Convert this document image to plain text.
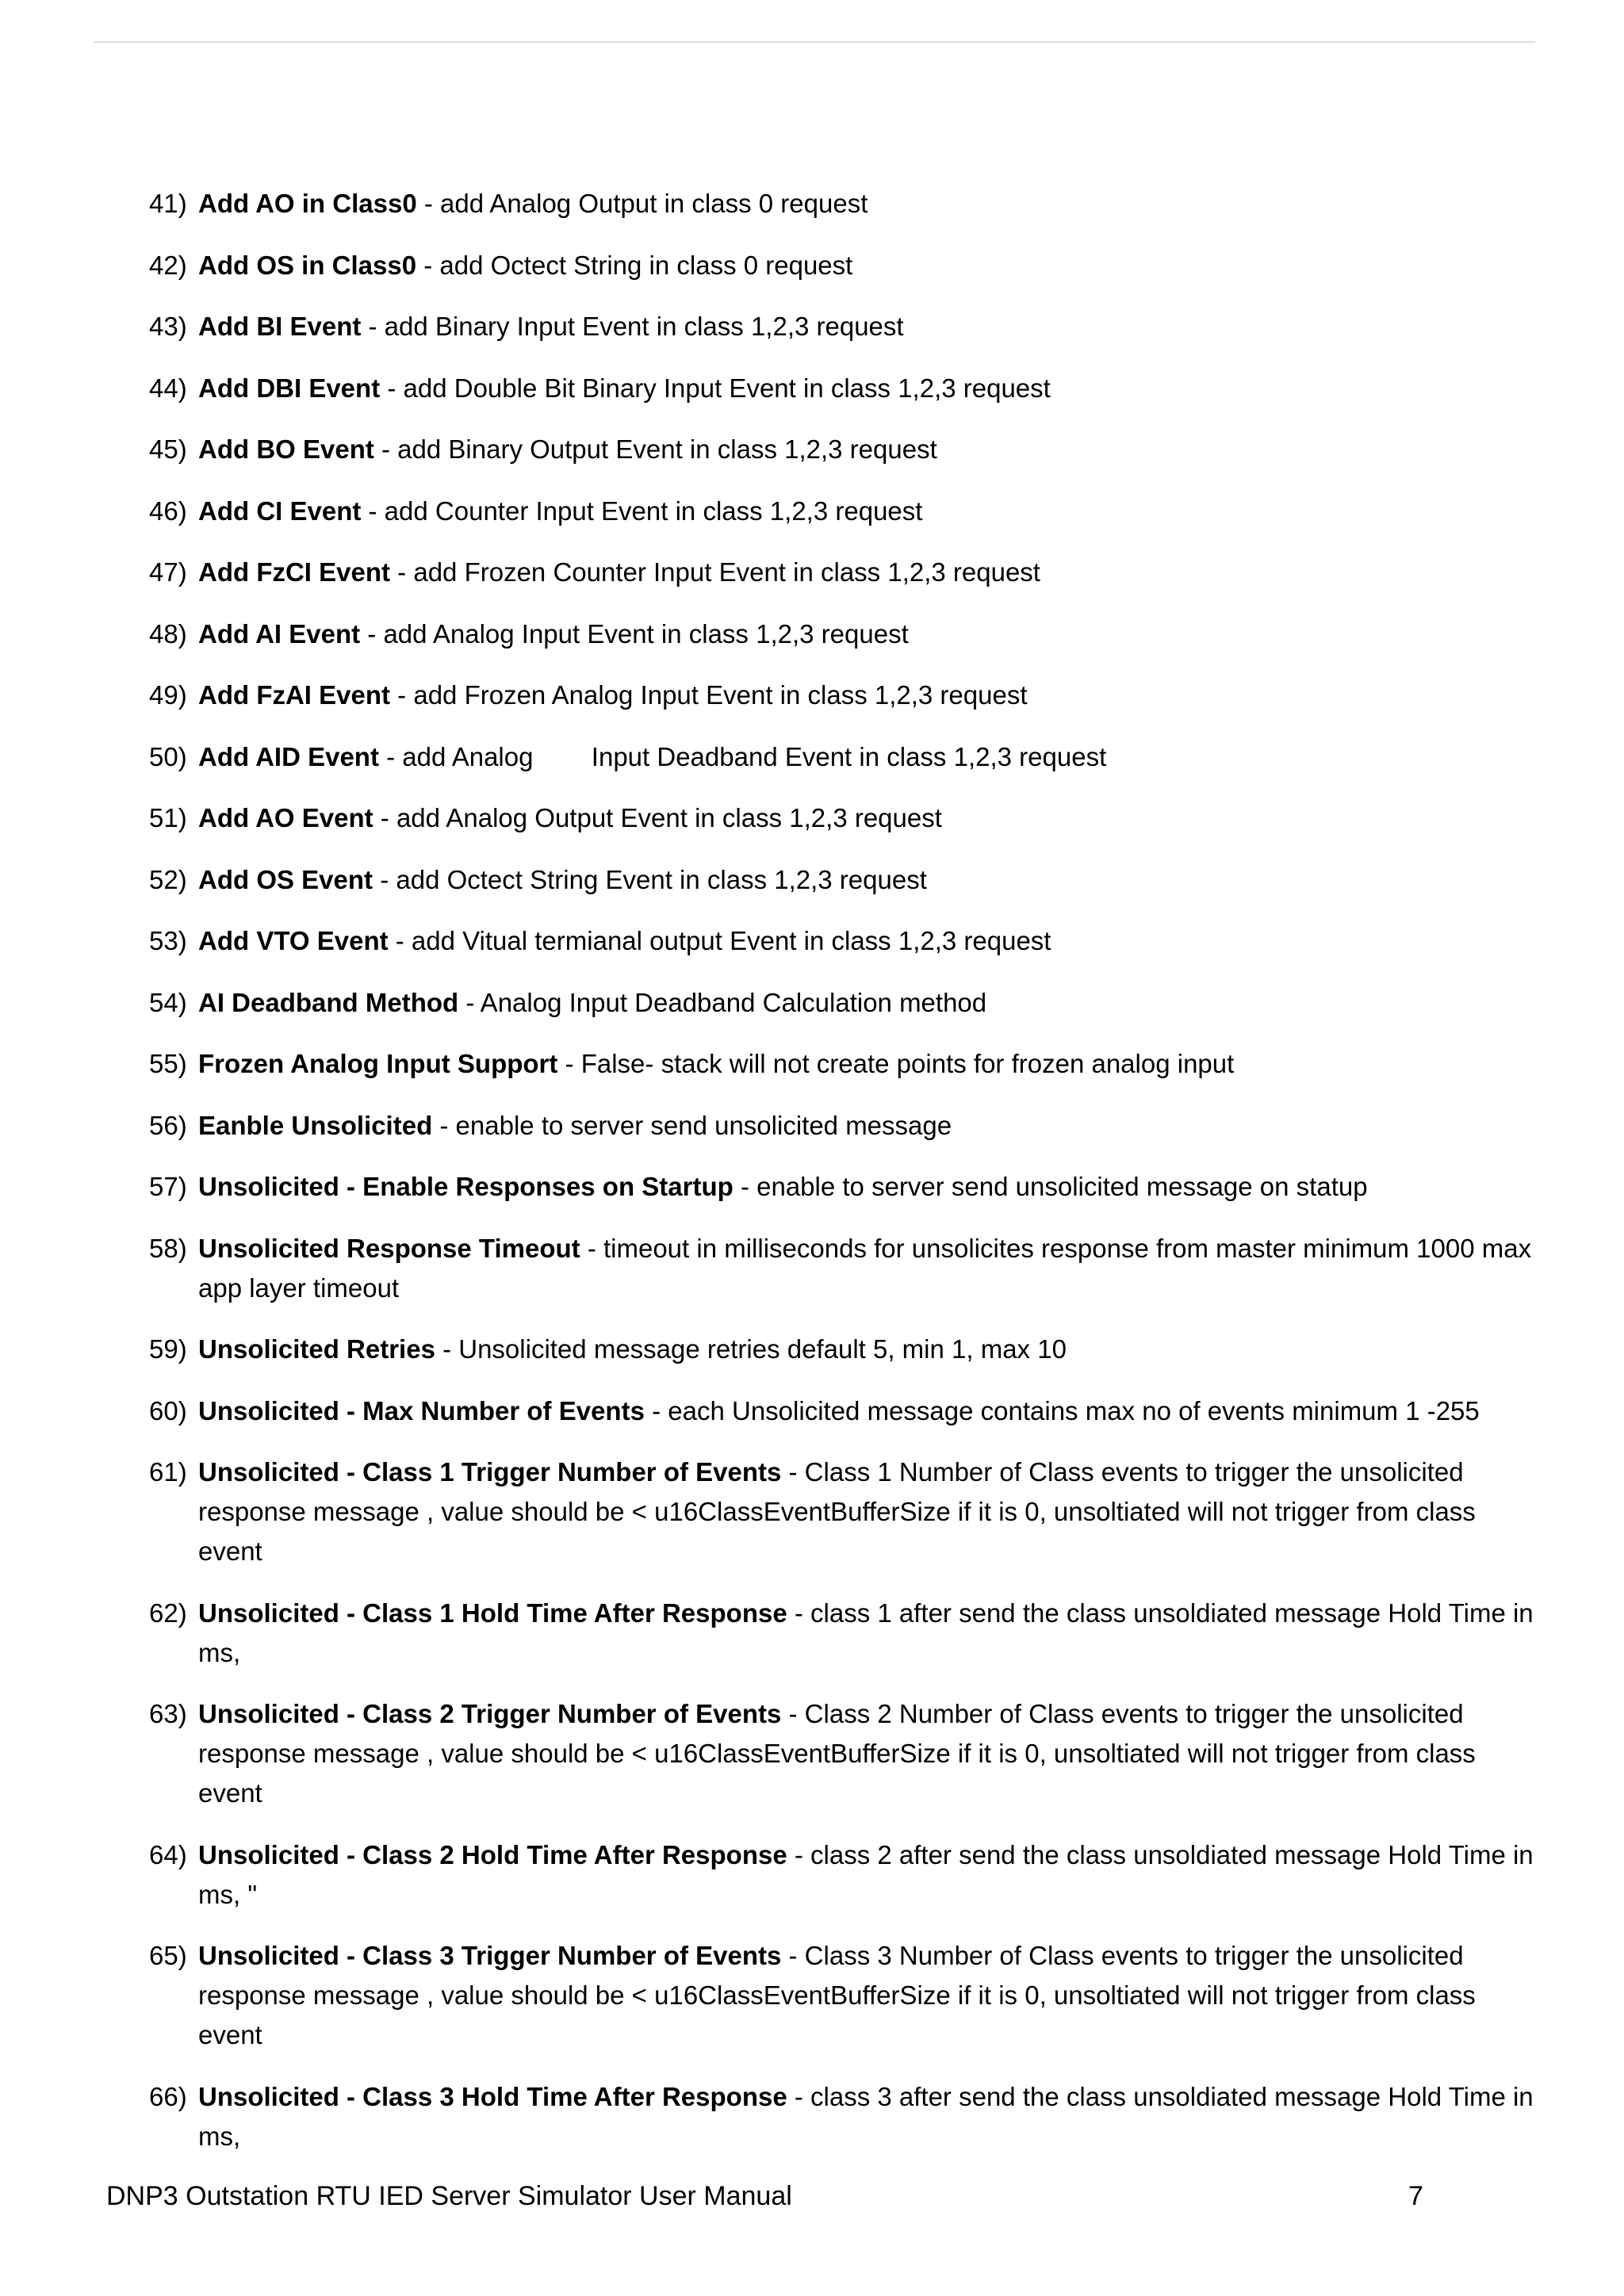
41) Add AO in Class0 - add Analog Output in class 0 request
42) Add OS in Class0 - add Octect String in class 0 request
43) Add BI Event - add Binary Input Event in class 1,2,3 request
44) Add DBI Event - add Double Bit Binary Input Event in class 1,2,3 request
45) Add BO Event - add Binary Output Event in class 1,2,3 request
46) Add CI Event - add Counter Input Event in class 1,2,3 request
47) Add FzCI Event - add Frozen Counter Input Event in class 1,2,3 request
48) Add AI Event - add Analog Input Event in class 1,2,3 request
49) Add FzAI Event - add Frozen Analog Input Event in class 1,2,3 request
50) Add AID Event - add Analog        Input Deadband Event in class 1,2,3 request
51) Add AO Event - add Analog Output Event in class 1,2,3 request
52) Add OS Event - add Octect String Event in class 1,2,3 request
53) Add VTO Event - add Vitual termianal output Event in class 1,2,3 request
54) AI Deadband Method - Analog Input Deadband Calculation method
55) Frozen Analog Input Support - False- stack will not create points for frozen analog input
56) Eanble Unsolicited - enable to server send unsolicited message
57) Unsolicited - Enable Responses on Startup - enable to server send unsolicited message on statup
58) Unsolicited Response Timeout - timeout in milliseconds for unsolicites response from master minimum 1000 max app layer timeout
59) Unsolicited Retries - Unsolicited message retries default 5, min 1, max 10
60) Unsolicited - Max Number of Events - each Unsolicited message contains max no of events minimum 1 -255
61) Unsolicited - Class 1 Trigger Number of Events - Class 1 Number of Class events to trigger the unsolicited response message , value should be < u16ClassEventBufferSize if it is 0, unsoltiated will not trigger from class event
62) Unsolicited - Class 1 Hold Time After Response - class 1 after send the class unsoldiated message Hold Time in ms,
63) Unsolicited - Class 2 Trigger Number of Events - Class 2 Number of Class events to trigger the unsolicited response message , value should be < u16ClassEventBufferSize if it is 0, unsoltiated will not trigger from class event
64) Unsolicited - Class 2 Hold Time After Response - class 2 after send the class unsoldiated message Hold Time in ms, "
65) Unsolicited - Class 3 Trigger Number of Events - Class 3 Number of Class events to trigger the unsolicited response message , value should be < u16ClassEventBufferSize if it is 0, unsoltiated will not trigger from class event
66) Unsolicited - Class 3 Hold Time After Response - class 3 after send the class unsoldiated message Hold Time in ms,
DNP3 Outstation RTU IED Server Simulator User Manual	7
